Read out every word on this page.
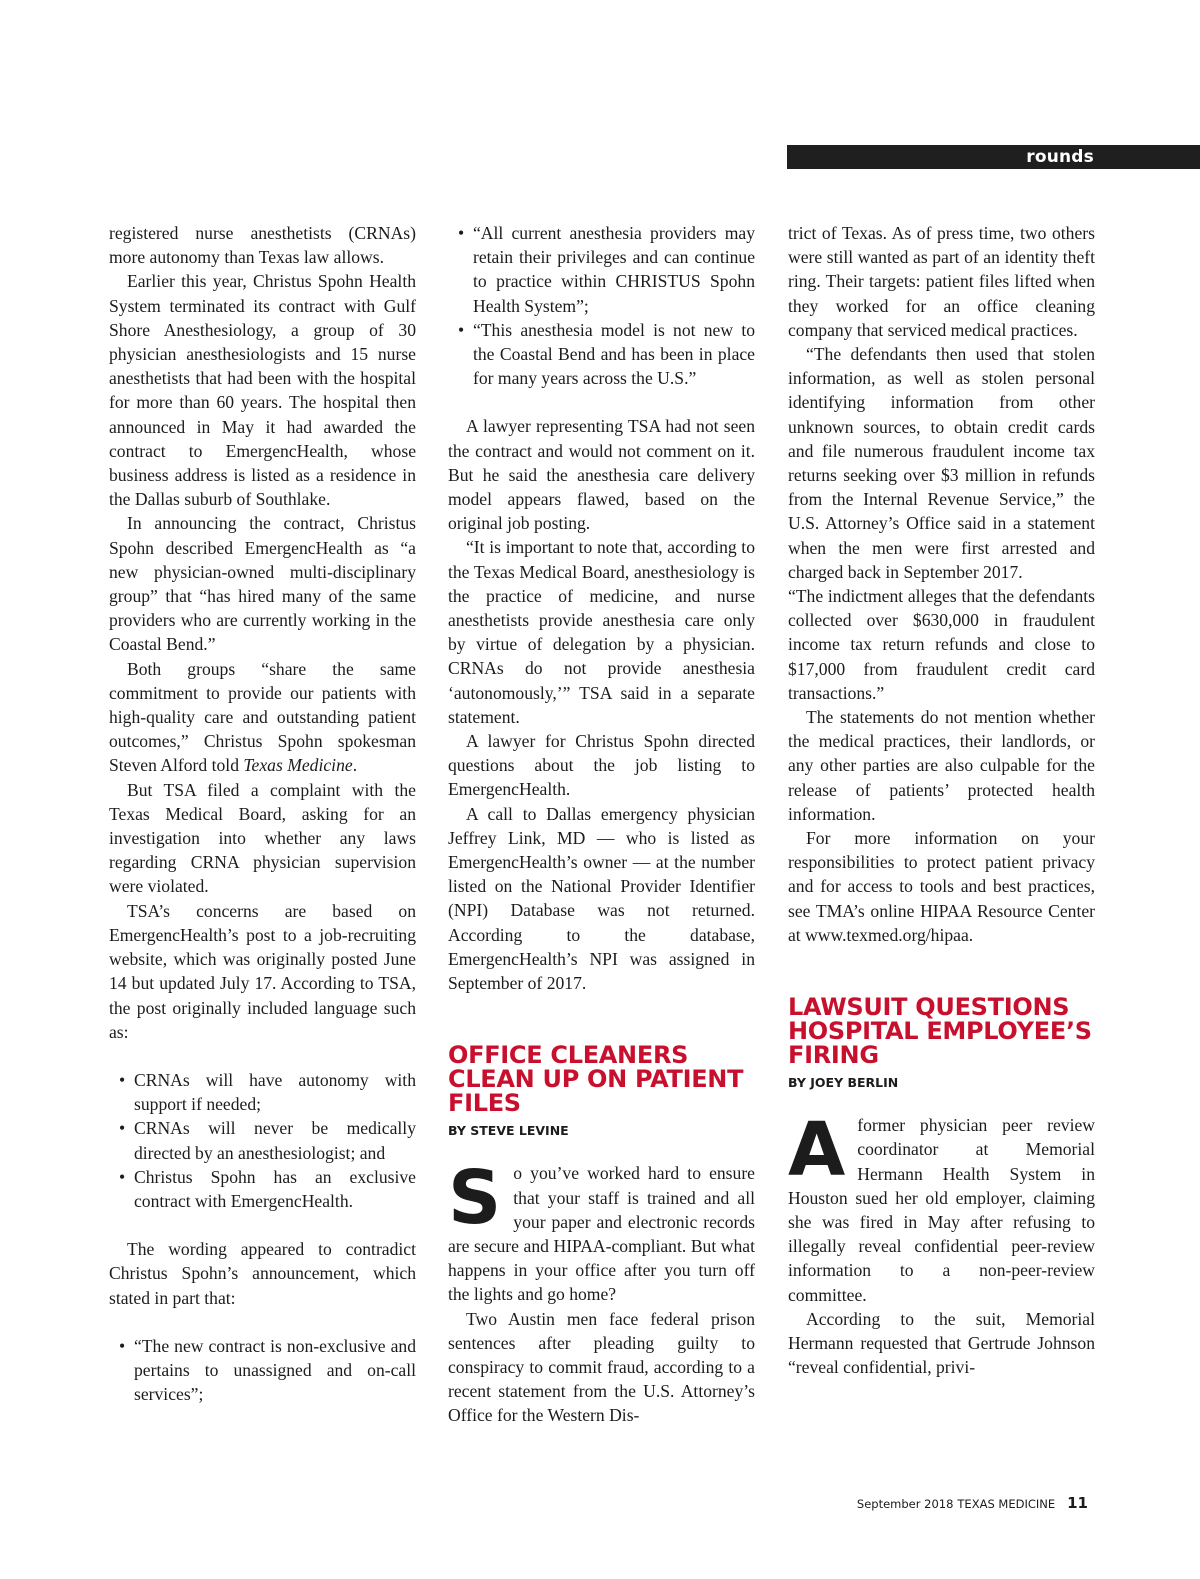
rounds

registered nurse anesthetists (CRNAs) more autonomy than Texas law allows.

Earlier this year, Christus Spohn Health System terminated its contract with Gulf Shore Anesthesiology, a group of 30 physician anesthesiologists and 15 nurse anesthetists that had been with the hospital for more than 60 years. The hospital then announced in May it had awarded the contract to EmergencHealth, whose business address is listed as a residence in the Dallas suburb of Southlake.

In announcing the contract, Christus Spohn described EmergencHealth as “a new physician-owned multi-disciplinary group” that “has hired many of the same providers who are currently working in the Coastal Bend.”

Both groups “share the same commitment to provide our patients with high-quality care and outstanding patient outcomes,” Christus Spohn spokesman Steven Alford told Texas Medicine.

But TSA filed a complaint with the Texas Medical Board, asking for an investigation into whether any laws regarding CRNA physician supervision were violated.

TSA’s concerns are based on EmergencHealth’s post to a job-recruiting website, which was originally posted June 14 but updated July 17. According to TSA, the post originally included language such as:

• CRNAs will have autonomy with support if needed;
• CRNAs will never be medically directed by an anesthesiologist; and
• Christus Spohn has an exclusive contract with EmergencHealth.

The wording appeared to contradict Christus Spohn’s announcement, which stated in part that:

• “The new contract is non-exclusive and pertains to unassigned and on-call services”;
• “All current anesthesia providers may retain their privileges and can continue to practice within CHRISTUS Spohn Health System”;
• “This anesthesia model is not new to the Coastal Bend and has been in place for many years across the U.S.”

A lawyer representing TSA had not seen the contract and would not comment on it. But he said the anesthesia care delivery model appears flawed, based on the original job posting.

“It is important to note that, according to the Texas Medical Board, anesthesiology is the practice of medicine, and nurse anesthetists provide anesthesia care only by virtue of delegation by a physician. CRNAs do not provide anesthesia ‘autonomously,’” TSA said in a separate statement.

A lawyer for Christus Spohn directed questions about the job listing to EmergencHealth.

A call to Dallas emergency physician Jeffrey Link, MD — who is listed as EmergencHealth’s owner — at the number listed on the National Provider Identifier (NPI) Database was not returned. According to the database, EmergencHealth’s NPI was assigned in September of 2017.

OFFICE CLEANERS CLEAN UP ON PATIENT FILES
BY STEVE LEVINE

So you’ve worked hard to ensure that your staff is trained and all your paper and electronic records are secure and HIPAA-compliant. But what happens in your office after you turn off the lights and go home?

Two Austin men face federal prison sentences after pleading guilty to conspiracy to commit fraud, according to a recent statement from the U.S. Attorney’s Office for the Western Dis-

trict of Texas. As of press time, two others were still wanted as part of an identity theft ring. Their targets: patient files lifted when they worked for an office cleaning company that serviced medical practices.

“The defendants then used that stolen information, as well as stolen personal identifying information from other unknown sources, to obtain credit cards and file numerous fraudulent income tax returns seeking over $3 million in refunds from the Internal Revenue Service,” the U.S. Attorney’s Office said in a statement when the men were first arrested and charged back in September 2017.

“The indictment alleges that the defendants collected over $630,000 in fraudulent income tax return refunds and close to $17,000 from fraudulent credit card transactions.”

The statements do not mention whether the medical practices, their landlords, or any other parties are also culpable for the release of patients’ protected health information.

For more information on your responsibilities to protect patient privacy and for access to tools and best practices, see TMA’s online HIPAA Resource Center at www.texmed.org/hipaa.

LAWSUIT QUESTIONS HOSPITAL EMPLOYEE’S FIRING
BY JOEY BERLIN

Aformer physician peer review coordinator at Memorial Hermann Health System in Houston sued her old employer, claiming she was fired in May after refusing to illegally reveal confidential peer-review information to a non-peer-review committee.

According to the suit, Memorial Hermann requested that Gertrude Johnson “reveal confidential, privi-

September 2018 TEXAS MEDICINE 11
